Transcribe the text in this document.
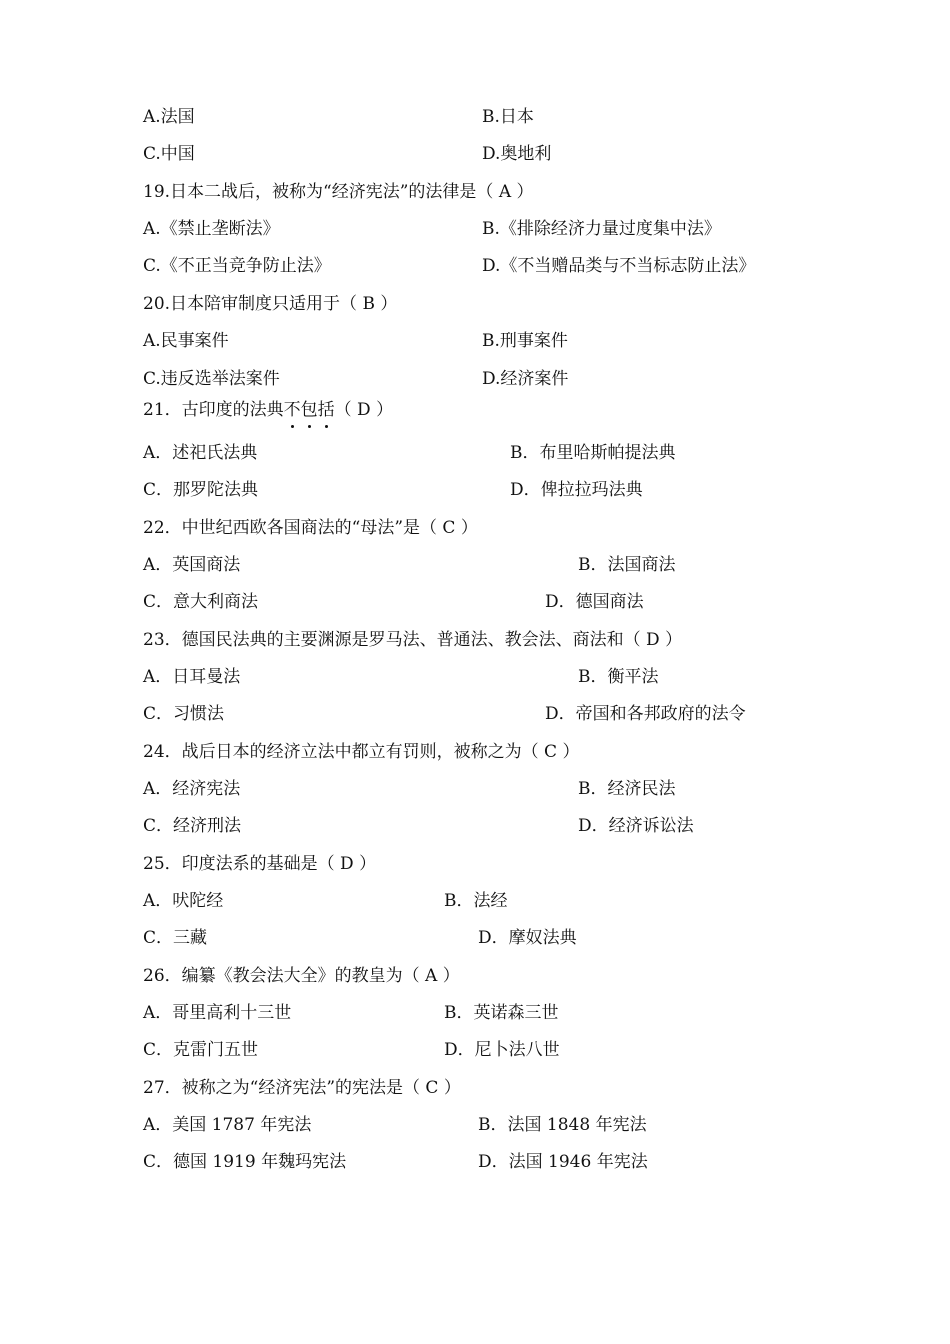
A.法国	B.日本
C.中国	D.奥地利
19.日本二战后，被称为“经济宪法”的法律是（ A ）
A.《禁止垄断法》	B.《排除经济力量过度集中法》
C.《不正当竞争防止法》	D.《不当赠品类与不当标志防止法》
20.日本陪审制度只适用于（ B ）
A.民事案件	B.刑事案件
C.违反选举法案件	D.经济案件
21．古印度的法典不包括（ D ）
A．述祀氏法典	B．布里哈斯帕提法典
C．那罗陀法典	D．俾拉拉玛法典
22．中世纪西欧各国商法的“母法”是（ C ）
A．英国商法	B．法国商法
C．意大利商法	D．德国商法
23．德国民法典的主要渊源是罗马法、普通法、教会法、商法和（ D ）
A．日耳曼法	B．衡平法
C．习惯法	D．帝国和各邦政府的法令
24．战后日本的经济立法中都立有罚则，被称之为（ C ）
A．经济宪法	B．经济民法
C．经济刑法	D．经济诉讼法
25．印度法系的基础是（ D ）
A．吠陀经	B．法经
C．三藏	D．摩奴法典
26．编纂《教会法大全》的教皇为（ A ）
A．哥里高利十三世	B．英诺森三世
C．克雷门五世	D．尼卜法八世
27．被称之为“经济宪法”的宪法是（ C ）
A．美国 1787 年宪法	B．法国 1848 年宪法
C．德国 1919 年魏玛宪法	D．法国 1946 年宪法
